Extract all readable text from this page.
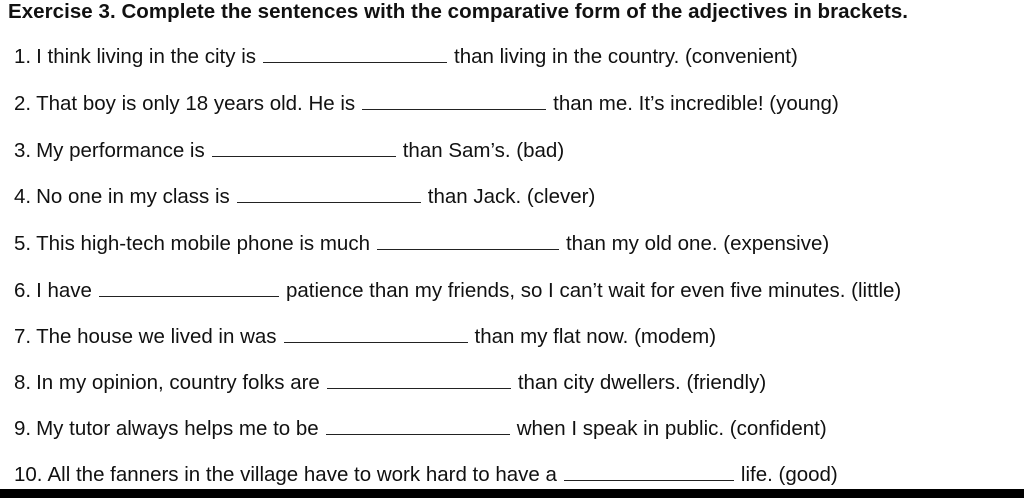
Exercise 3. Complete the sentences with the comparative form of the adjectives in brackets.
1. I think living in the city is	than living in the country. (convenient)
2. That boy is only 18 years old. He is	than me. It’s incredible! (young)
3. My performance is	than Sam’s. (bad)
4. No one in my class is	than Jack. (clever)
5. This high-tech mobile phone is much	than my old one. (expensive)
6. I have	patience than my friends, so I can’t wait for even five minutes. (little)
7. The house we lived in was	than my flat now. (modem)
8. In my opinion, country folks are	than city dwellers. (friendly)
9. My tutor always helps me to be	when I speak in public. (confident)
10. All the fanners in the village have to work hard to have a	life. (good)
